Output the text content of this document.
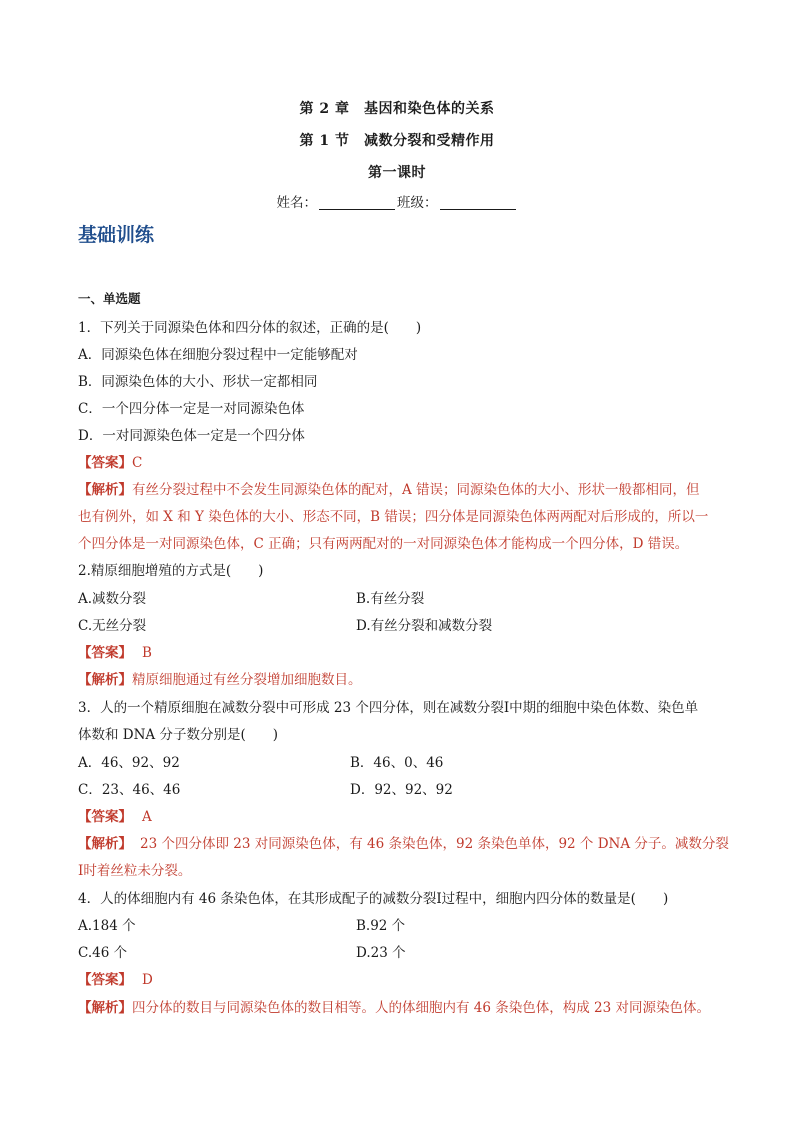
第 2 章　基因和染色体的关系
第 1 节　减数分裂和受精作用
第一课时
姓名：	班级：
基础训练
一、单选题
1．下列关于同源染色体和四分体的叙述，正确的是(　　)
A．同源染色体在细胞分裂过程中一定能够配对
B．同源染色体的大小、形状一定都相同
C．一个四分体一定是一对同源染色体
D．一对同源染色体一定是一个四分体
【答案】C
【解析】有丝分裂过程中不会发生同源染色体的配对，A 错误；同源染色体的大小、形状一般都相同，但
也有例外，如 X 和 Y 染色体的大小、形态不同，B 错误；四分体是同源染色体两两配对后形成的，所以一
个四分体是一对同源染色体，C 正确；只有两两配对的一对同源染色体才能构成一个四分体，D 错误。
2.精原细胞增殖的方式是(　　)
A.减数分裂	B.有丝分裂
C.无丝分裂	D.有丝分裂和减数分裂
【答案】 B
【解析】精原细胞通过有丝分裂增加细胞数目。
3．人的一个精原细胞在减数分裂中可形成 23 个四分体，则在减数分裂Ⅰ中期的细胞中染色体数、染色单
体数和 DNA 分子数分别是(　　)
A．46、92、92	B．46、0、46
C．23、46、46	D．92、92、92
【答案】 A
【解析】 23 个四分体即 23 对同源染色体，有 46 条染色体，92 条染色单体，92 个 DNA 分子。减数分裂
Ⅰ时着丝粒未分裂。
4．人的体细胞内有 46 条染色体，在其形成配子的减数分裂Ⅰ过程中，细胞内四分体的数量是(　　)
A.184 个	B.92 个
C.46 个	D.23 个
【答案】 D
【解析】四分体的数目与同源染色体的数目相等。人的体细胞内有 46 条染色体，构成 23 对同源染色体。
